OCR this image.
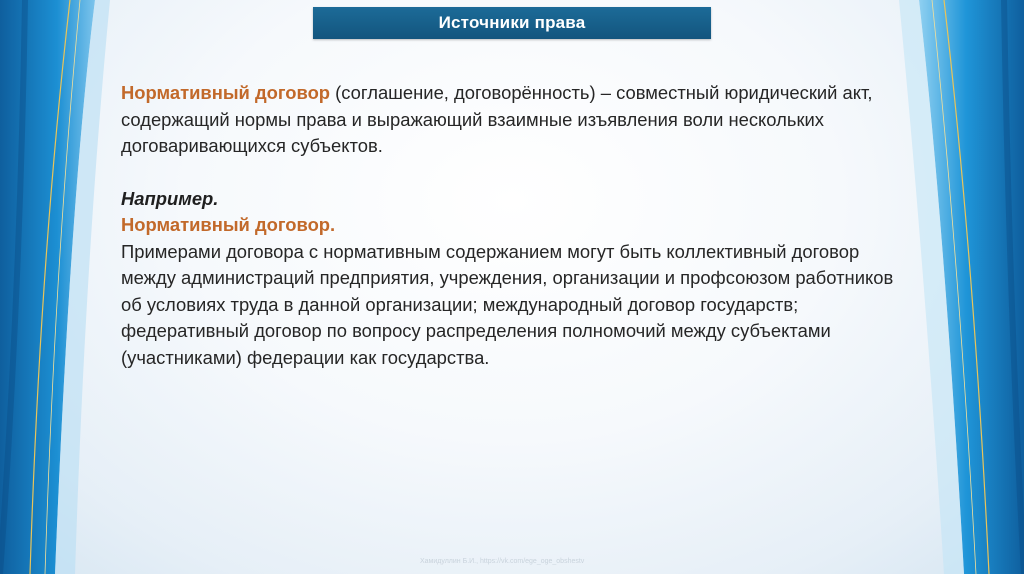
Источники права

Нормативный договор (соглашение, договорённость) – совместный юридический акт, содержащий нормы права и выражающий взаимные изъявления воли нескольких договаривающихся субъектов.

Например.

Нормативный договор.

Примерами договора с нормативным содержанием могут быть коллективный договор между администраций предприятия, учреждения, организации и профсоюзом работников об условиях труда в данной организации; международный договор государств; федеративный договор по вопросу распределения полномочий между субъектами (участниками) федерации как государства.

Хамидуллин Б.И., https://vk.com/ege_oge_obshestv
